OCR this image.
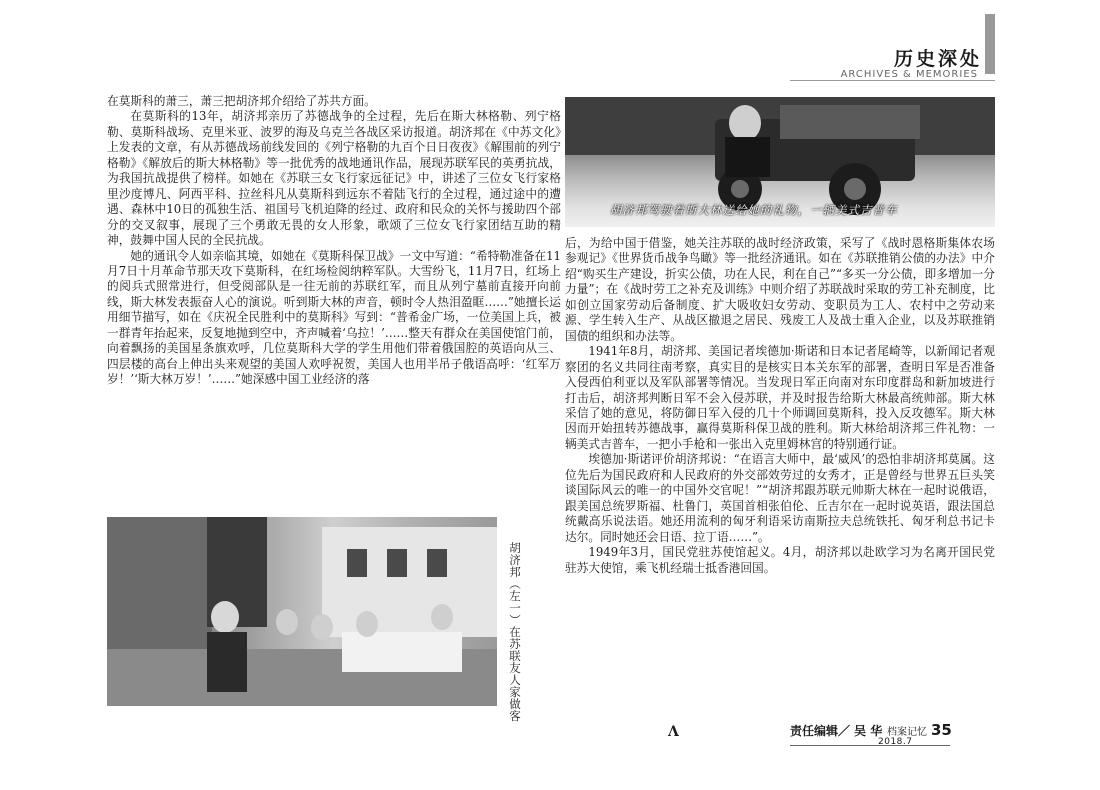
历史深处
ARCHIVES & MEMORIES

在莫斯科的萧三，萧三把胡济邦介绍给了苏共方面。

在莫斯科的13年，胡济邦亲历了苏德战争的全过程，先后在斯大林格勒、列宁格勒、莫斯科战场、克里米亚、波罗的海及乌克兰各战区采访报道。胡济邦在《中苏文化》上发表的文章，有从苏德战场前线发回的《列宁格勒的九百个日日夜夜》《解围前的列宁格勒》《解放后的斯大林格勒》等一批优秀的战地通讯作品，展现苏联军民的英勇抗战，为我国抗战提供了榜样。如她在《苏联三女飞行家远征记》中，讲述了三位女飞行家格里沙度博凡、阿西平科、拉丝科凡从莫斯科到远东不着陆飞行的全过程，通过途中的遭遇、森林中10日的孤独生活、祖国号飞机迫降的经过、政府和民众的关怀与援助四个部分的交叉叙事，展现了三个勇敢无畏的女人形象，歌颂了三位女飞行家团结互助的精神，鼓舞中国人民的全民抗战。

她的通讯令人如亲临其境，如她在《莫斯科保卫战》一文中写道：“希特勒准备在11月7日十月革命节那天攻下莫斯科，在红场检阅纳粹军队。大雪纷飞，11月7日，红场上的阅兵式照常进行，但受阅部队是一往无前的苏联红军，而且从列宁墓前直接开向前线，斯大林发表振奋人心的演说。听到斯大林的声音，顿时令人热泪盈眶……”她擅长运用细节描写，如在《庆祝全民胜利中的莫斯科》写到：“普希金广场，一位美国上兵，被一群青年抬起来，反复地抛到空中，齐声喊着‘乌拉！’……整天有群众在美国使馆门前，向着飘扬的美国星条旗欢呼，几位莫斯科大学的学生用他们带着俄国腔的英语向从三、四层楼的高台上伸出头来观望的美国人欢呼祝贺，美国人也用半吊子俄语高呼：‘红军万岁！’‘斯大林万岁！’……”她深感中国工业经济的落

胡济邦驾驶着斯大林送给她的礼物，一辆美式吉普车

后，为给中国于借鉴，她关注苏联的战时经济政策，采写了《战时恩格斯集体农场参观记》《世界货币战争鸟瞰》等一批经济通讯。如在《苏联推销公债的办法》中介绍“购买生产建设，折实公债，功在人民，利在自己”“多买一分公债，即多增加一分力量”；在《战时劳工之补充及训练》中则介绍了苏联战时采取的劳工补充制度，比如创立国家劳动后备制度、扩大吸收妇女劳动、变职员为工人、农村中之劳动来源、学生转入生产、从战区撤退之居民、残废工人及战士重入企业，以及苏联推销国债的组织和办法等。

1941年8月，胡济邦、美国记者埃德加·斯诺和日本记者尾崎等，以新闻记者观察团的名义共同往南考察，真实目的是核实日本关东军的部署，查明日军是否准备入侵西伯利亚以及军队部署等情况。当发现日军正向南对东印度群岛和新加坡进行打击后，胡济邦判断日军不会入侵苏联，并及时报告给斯大林最高统帅部。斯大林采信了她的意见，将防御日军入侵的几十个师调回莫斯科，投入反攻德军。斯大林因而开始扭转苏德战事，赢得莫斯科保卫战的胜利。斯大林给胡济邦三件礼物：一辆美式吉普车，一把小手枪和一张出入克里姆林宫的特别通行证。

埃德加·斯诺评价胡济邦说：“在语言大师中，最‘威风’的恐怕非胡济邦莫属。这位先后为国民政府和人民政府的外交部效劳过的女秀才，正是曾经与世界五巨头笑谈国际风云的唯一的中国外交官呢！”“胡济邦跟苏联元帅斯大林在一起时说俄语，跟美国总统罗斯福、杜鲁门，英国首相张伯伦、丘吉尔在一起时说英语，跟法国总统戴高乐说法语。她还用流利的匈牙利语采访南斯拉夫总统铁托、匈牙利总书记卡达尔。同时她还会日语、拉丁语……”。

1949年3月，国民党驻苏使馆起义。4月，胡济邦以赴欧学习为名离开国民党驻苏大使馆，乘飞机经瑞士抵香港回国。

胡济邦（左一）在苏联友人家做客
Λ	责任编辑／ 吴 华 档案记忆 35
2018.7
